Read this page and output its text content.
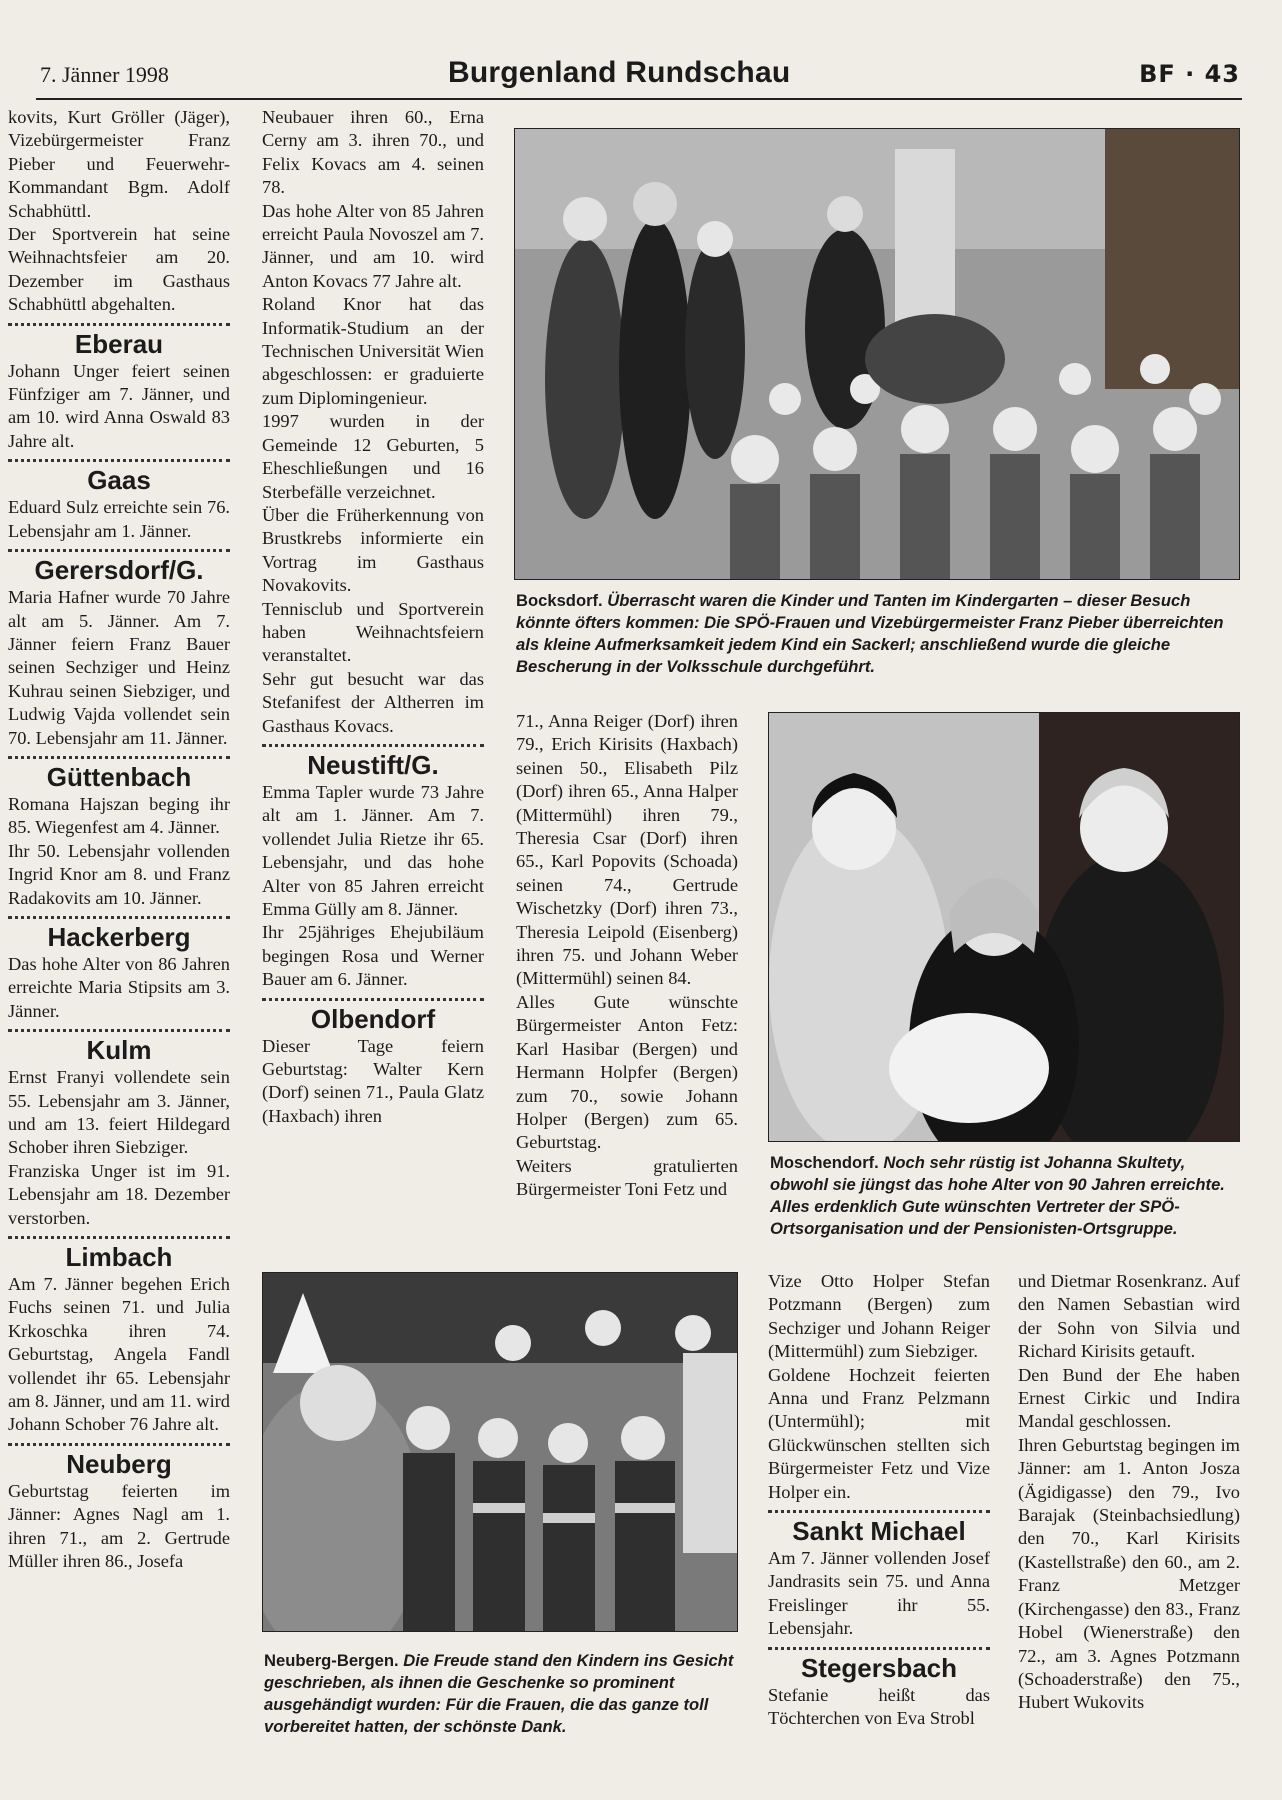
7. Jänner 1998	Burgenland Rundschau	BF · 43

kovits, Kurt Gröller (Jäger), Vizebürgermeister Franz Pieber und Feuerwehr-Kommandant Bgm. Adolf Schabhüttl.

Der Sportverein hat seine Weihnachtsfeier am 20. Dezember im Gasthaus Schabhüttl abgehalten.

Eberau

Johann Unger feiert seinen Fünfziger am 7. Jänner, und am 10. wird Anna Oswald 83 Jahre alt.

Gaas

Eduard Sulz erreichte sein 76. Lebensjahr am 1. Jänner.

Gerersdorf/G.

Maria Hafner wurde 70 Jahre alt am 5. Jänner. Am 7. Jänner feiern Franz Bauer seinen Sechziger und Heinz Kuhrau seinen Siebziger, und Ludwig Vajda vollendet sein 70. Lebensjahr am 11. Jänner.

Güttenbach

Romana Hajszan beging ihr 85. Wiegenfest am 4. Jänner.

Ihr 50. Lebensjahr vollenden Ingrid Knor am 8. und Franz Radakovits am 10. Jänner.

Hackerberg

Das hohe Alter von 86 Jahren erreichte Maria Stipsits am 3. Jänner.

Kulm

Ernst Franyi vollendete sein 55. Lebensjahr am 3. Jänner, und am 13. feiert Hildegard Schober ihren Siebziger.

Franziska Unger ist im 91. Lebensjahr am 18. Dezember verstorben.

Limbach

Am 7. Jänner begehen Erich Fuchs seinen 71. und Julia Krkoschka ihren 74. Geburtstag, Angela Fandl vollendet ihr 65. Lebensjahr am 8. Jänner, und am 11. wird Johann Schober 76 Jahre alt.

Neuberg

Geburtstag feierten im Jänner: Agnes Nagl am 1. ihren 71., am 2. Gertrude Müller ihren 86., Josefa

Neubauer ihren 60., Erna Cerny am 3. ihren 70., und Felix Kovacs am 4. seinen 78.

Das hohe Alter von 85 Jahren erreicht Paula Novoszel am 7. Jänner, und am 10. wird Anton Kovacs 77 Jahre alt.

Roland Knor hat das Informatik-Studium an der Technischen Universität Wien abgeschlossen: er graduierte zum Diplomingenieur.

1997 wurden in der Gemeinde 12 Geburten, 5 Eheschließungen und 16 Sterbefälle verzeichnet.

Über die Früherkennung von Brustkrebs informierte ein Vortrag im Gasthaus Novakovits.

Tennisclub und Sportverein haben Weihnachtsfeiern veranstaltet.

Sehr gut besucht war das Stefanifest der Altherren im Gasthaus Kovacs.

Neustift/G.

Emma Tapler wurde 73 Jahre alt am 1. Jänner. Am 7. vollendet Julia Rietze ihr 65. Lebensjahr, und das hohe Alter von 85 Jahren erreicht Emma Gülly am 8. Jänner.

Ihr 25jähriges Ehejubiläum begingen Rosa und Werner Bauer am 6. Jänner.

Olbendorf

Dieser Tage feiern Geburtstag: Walter Kern (Dorf) seinen 71., Paula Glatz (Haxbach) ihren

Bocksdorf. Überrascht waren die Kinder und Tanten im Kindergarten – dieser Besuch könnte öfters kommen: Die SPÖ-Frauen und Vizebürgermeister Franz Pieber überreichten als kleine Aufmerksamkeit jedem Kind ein Sackerl; anschließend wurde die gleiche Bescherung in der Volksschule durchgeführt.

71., Anna Reiger (Dorf) ihren 79., Erich Kirisits (Haxbach) seinen 50., Elisabeth Pilz (Dorf) ihren 65., Anna Halper (Mittermühl) ihren 79., Theresia Csar (Dorf) ihren 65., Karl Popovits (Schoada) seinen 74., Gertrude Wischetzky (Dorf) ihren 73., Theresia Leipold (Eisenberg) ihren 75. und Johann Weber (Mittermühl) seinen 84.

Alles Gute wünschte Bürgermeister Anton Fetz: Karl Hasibar (Bergen) und Hermann Holpfer (Bergen) zum 70., sowie Johann Holper (Bergen) zum 65. Geburtstag.

Weiters gratulierten Bürgermeister Toni Fetz und

Moschendorf. Noch sehr rüstig ist Johanna Skultety, obwohl sie jüngst das hohe Alter von 90 Jahren erreichte. Alles erdenklich Gute wünschten Vertreter der SPÖ-Ortsorganisation und der Pensionisten-Ortsgruppe.
Neuberg-Bergen. Die Freude stand den Kindern ins Gesicht geschrieben, als ihnen die Geschenke so prominent ausgehändigt wurden: Für die Frauen, die das ganze toll vorbereitet hatten, der schönste Dank.

Vize Otto Holper Stefan Potzmann (Bergen) zum Sechziger und Johann Reiger (Mittermühl) zum Siebziger.

Goldene Hochzeit feierten Anna und Franz Pelzmann (Untermühl); mit Glückwünschen stellten sich Bürgermeister Fetz und Vize Holper ein.

Sankt Michael

Am 7. Jänner vollenden Josef Jandrasits sein 75. und Anna Freislinger ihr 55. Lebensjahr.

Stegersbach

Stefanie heißt das Töchterchen von Eva Strobl

und Dietmar Rosenkranz. Auf den Namen Sebastian wird der Sohn von Silvia und Richard Kirisits getauft.

Den Bund der Ehe haben Ernest Cirkic und Indira Mandal geschlossen.

Ihren Geburtstag begingen im Jänner: am 1. Anton Josza (Ägidigasse) den 79., Ivo Barajak (Steinbachsiedlung) den 70., Karl Kirisits (Kastellstraße) den 60., am 2. Franz Metzger (Kirchengasse) den 83., Franz Hobel (Wienerstraße) den 72., am 3. Agnes Potzmann (Schoaderstraße) den 75., Hubert Wukovits
